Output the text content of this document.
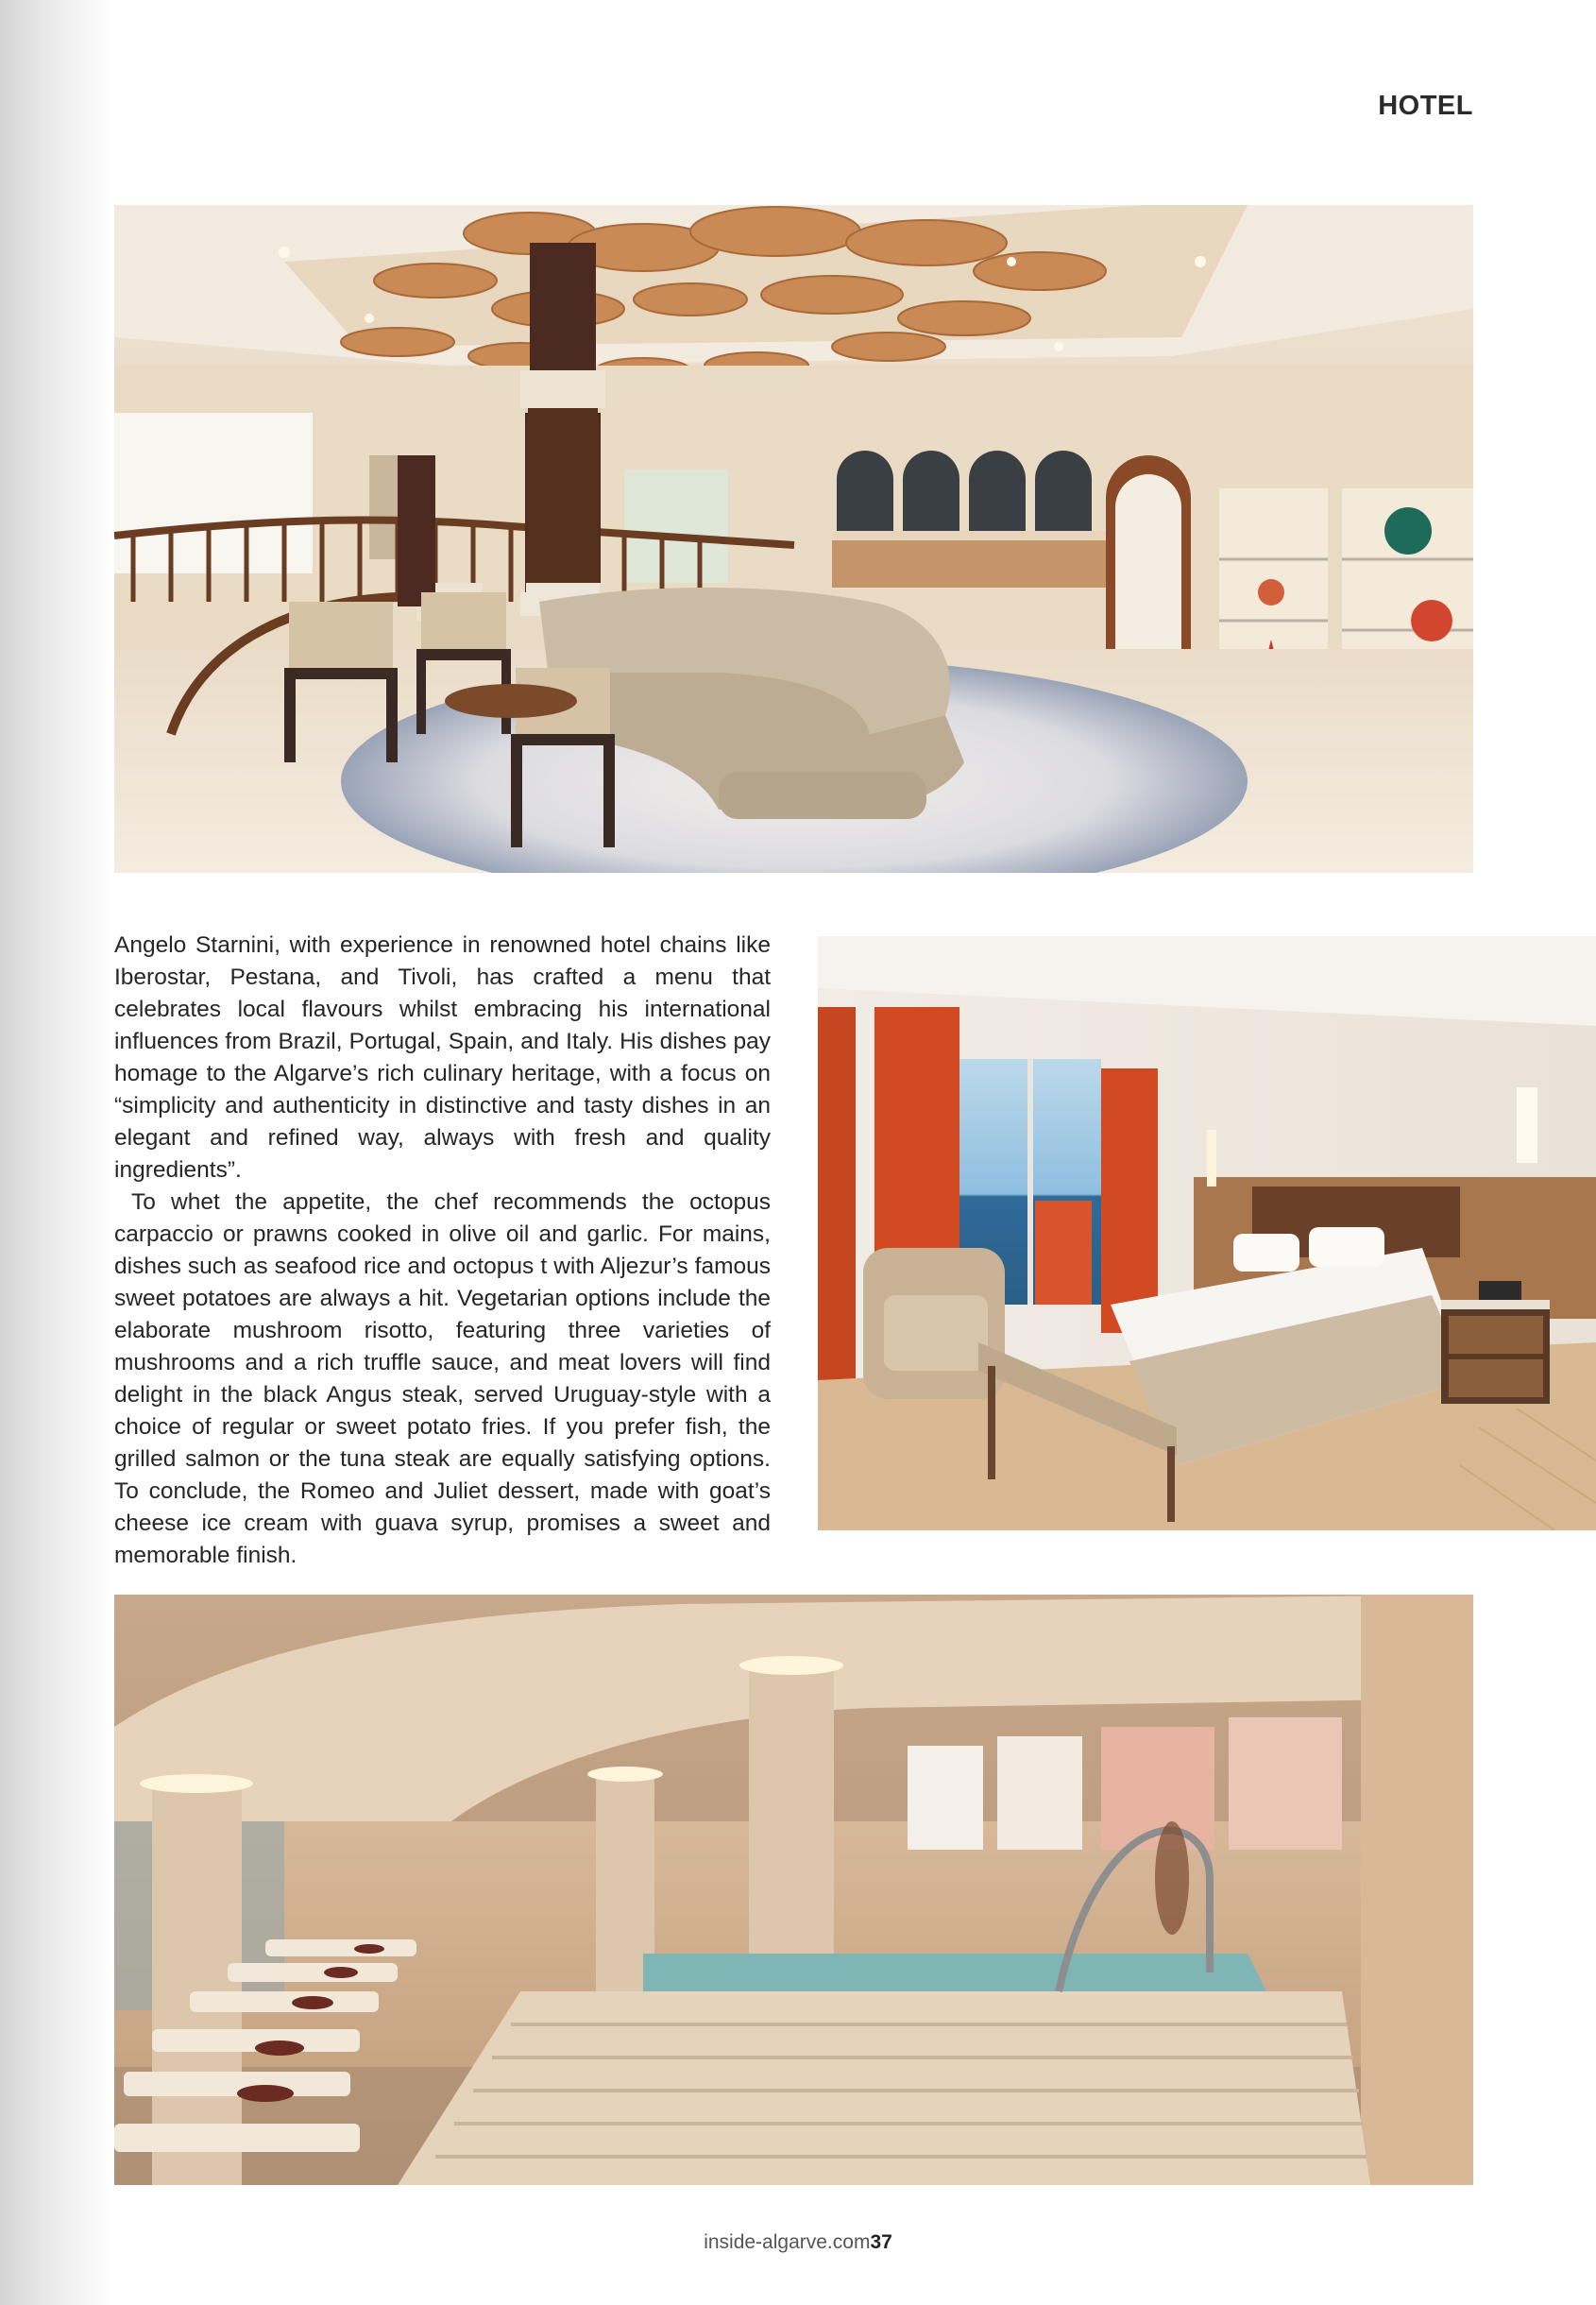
HOTEL

Angelo Starnini, with experience in renowned hotel chains like Iberostar, Pestana, and Tivoli, has crafted a menu that celebrates local flavours whilst embracing his international influences from Brazil, Portugal, Spain, and Italy. His dishes pay homage to the Algarve’s rich culinary heritage, with a focus on “simplicity and authenticity in distinctive and tasty dishes in an elegant and refined way, always with fresh and quality ingredients”.

To whet the appetite, the chef recommends the octopus carpaccio or prawns cooked in olive oil and garlic. For mains, dishes such as seafood rice and octopus t with Aljezur’s famous sweet potatoes are always a hit. Vegetarian options include the elaborate mushroom risotto, featuring three varieties of mushrooms and a rich truffle sauce, and meat lovers will find delight in the black Angus steak, served Uruguay-style with a choice of regular or sweet potato fries. If you prefer fish, the grilled salmon or the tuna steak are equally satisfying options. To conclude, the Romeo and Juliet dessert, made with goat’s cheese ice cream with guava syrup, promises a sweet and memorable finish.

inside-algarve.com37
